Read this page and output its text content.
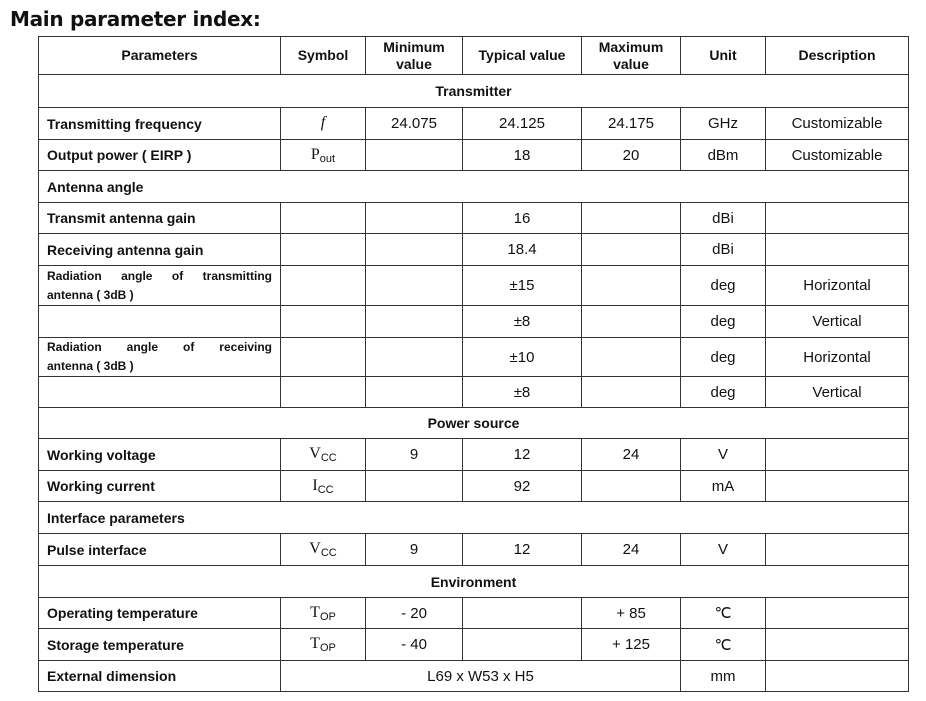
Main parameter index:
Parameters	Symbol	Minimum value	Typical value	Maximum value	Unit	Description
Transmitter
Transmitting frequency	f	24.075	24.125	24.175	GHz	Customizable
Output power ( EIRP )	$P_{out}$		18	20	dBm	Customizable
Antenna angle
Transmit antenna gain			16		dBi	
Receiving antenna gain			18.4		dBi	

Radiation angle of transmitting
antenna ( 3dB )
			±15		deg	Horizontal
			±8		deg	Vertical

Radiation angle of receiving
antenna ( 3dB )
			±10		deg	Horizontal
			±8		deg	Vertical
Power source
Working voltage	$V_{CC}$	9	12	24	V	
Working current	$I_{CC}$		92		mA	
Interface parameters
Pulse interface	$V_{CC}$	9	12	24	V	
Environment
Operating temperature	$T_{OP}$	- 20		+ 85	℃	
Storage temperature	$T_{OP}$	- 40		+ 125	℃	
External dimension	L69 x W53 x H5	mm	
